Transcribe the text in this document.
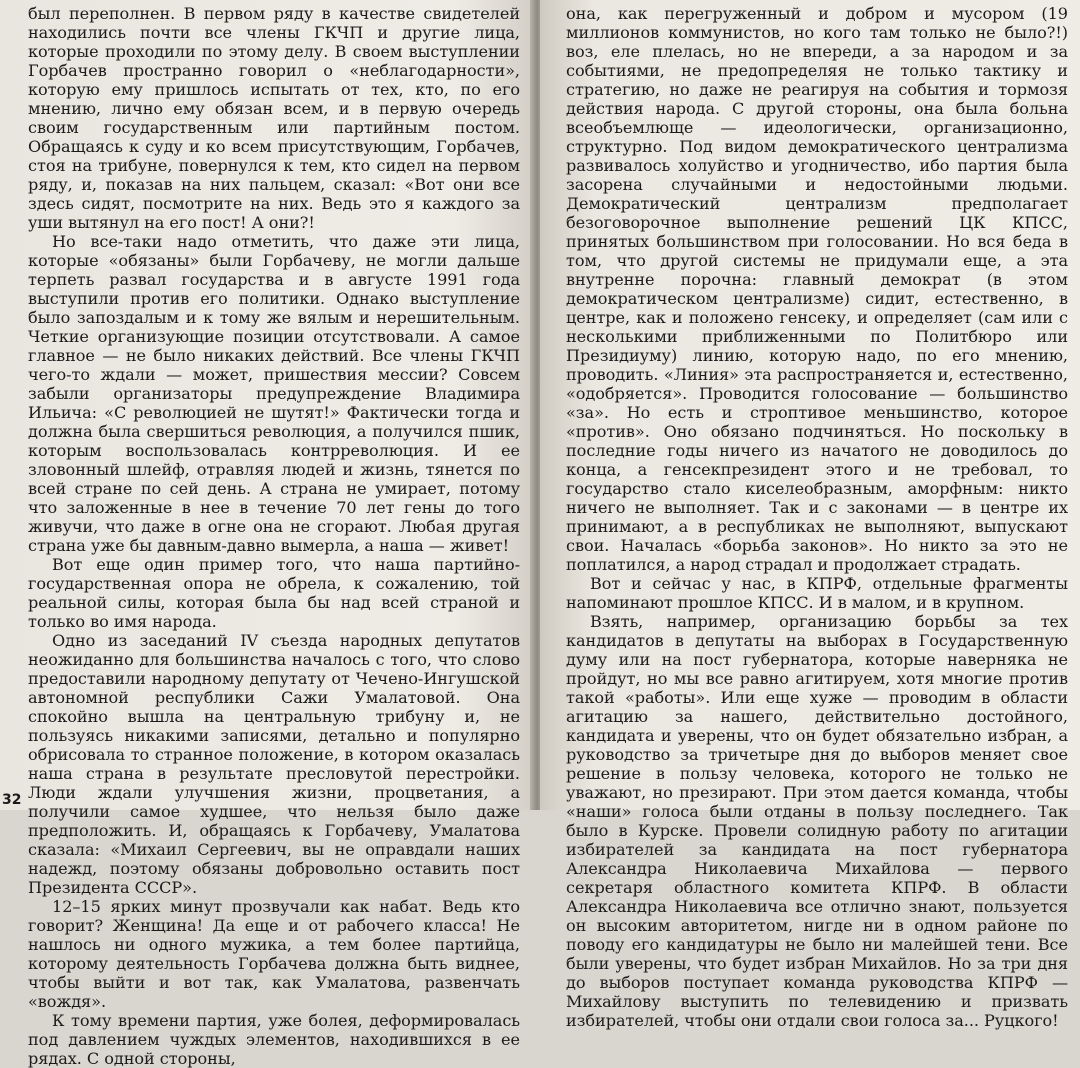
был переполнен. В первом ряду в качестве свидетелей находились почти все члены ГКЧП и другие лица, которые проходили по этому делу. В своем выступлении Горбачев пространно говорил о «неблагодарности», которую ему пришлось испытать от тех, кто, по его мнению, лично ему обязан всем, и в первую очередь своим государственным или партийным постом. Обращаясь к суду и ко всем присутствующим, Горбачев, стоя на трибуне, повернулся к тем, кто сидел на первом ряду, и, показав на них пальцем, сказал: «Вот они все здесь сидят, посмотрите на них. Ведь это я каждого за уши вытянул на его пост! А они?!

Но все-таки надо отметить, что даже эти лица, которые «обязаны» были Горбачеву, не могли дальше терпеть развал государства и в августе 1991 года выступили против его политики. Однако выступление было запоздалым и к тому же вялым и нерешительным. Четкие организующие позиции отсутствовали. А самое главное — не было никаких действий. Все члены ГКЧП чего-то ждали — может, пришествия мессии? Совсем забыли организаторы предупреждение Владимира Ильича: «С революцией не шутят!» Фактически тогда и должна была свершиться революция, а получился пшик, которым воспользовалась контрреволюция. И ее зловонный шлейф, отравляя людей и жизнь, тянется по всей стране по сей день. А страна не умирает, потому что заложенные в нее в течение 70 лет гены до того живучи, что даже в огне она не сгорают. Любая другая страна уже бы давным-давно вымерла, а наша — живет!

Вот еще один пример того, что наша партийно-государственная опора не обрела, к сожалению, той реальной силы, которая была бы над всей страной и только во имя народа.

Одно из заседаний IV съезда народных депутатов неожиданно для большинства началось с того, что слово предоставили народному депутату от Чечено-Ингушской автономной республики Сажи Умалатовой. Она спокойно вышла на центральную трибуну и, не пользуясь никакими записями, детально и популярно обрисовала то странное положение, в котором оказалась наша страна в результате пресловутой перестройки. Люди ждали улучшения жизни, процветания, а получили самое худшее, что нельзя было даже предположить. И, обращаясь к Горбачеву, Умалатова сказала: «Михаил Сергеевич, вы не оправдали наших надежд, поэтому обязаны добровольно оставить пост Президента СССР».

12–15 ярких минут прозвучали как набат. Ведь кто говорит? Женщина! Да еще и от рабочего класса! Не нашлось ни одного мужика, а тем более партийца, которому деятельность Горбачева должна быть виднее, чтобы выйти и вот так, как Умалатова, развенчать «вождя».

К тому времени партия, уже болея, деформировалась под давлением чуждых элементов, находившихся в ее рядах. С одной стороны,

32

она, как перегруженный и добром и мусором (19 миллионов коммунистов, но кого там только не было?!) воз, еле плелась, но не впереди, а за народом и за событиями, не предопределяя не только тактику и стратегию, но даже не реагируя на события и тормозя действия народа. С другой стороны, она была больна всеобъемлюще — идеологически, организационно, структурно. Под видом демократического централизма развивалось холуйство и угодничество, ибо партия была засорена случайными и недостойными людьми. Демократический централизм предполагает безоговорочное выполнение решений ЦК КПСС, принятых большинством при голосовании. Но вся беда в том, что другой системы не придумали еще, а эта внутренне порочна: главный демократ (в этом демократическом централизме) сидит, естественно, в центре, как и положено генсеку, и определяет (сам или с несколькими приближенными по Политбюро или Президиуму) линию, которую надо, по его мнению, проводить. «Линия» эта распространяется и, естественно, «одобряется». Проводится голосование — большинство «за». Но есть и строптивое меньшинство, которое «против». Оно обязано подчиняться. Но поскольку в последние годы ничего из начатого не доводилось до конца, а генсекпрезидент этого и не требовал, то государство стало киселеобразным, аморфным: никто ничего не выполняет. Так и с законами — в центре их принимают, а в республиках не выполняют, выпускают свои. Началась «борьба законов». Но никто за это не поплатился, а народ страдал и продолжает страдать.

Вот и сейчас у нас, в КПРФ, отдельные фрагменты напоминают прошлое КПСС. И в малом, и в крупном.

Взять, например, организацию борьбы за тех кандидатов в депутаты на выборах в Государственную думу или на пост губернатора, которые наверняка не пройдут, но мы все равно агитируем, хотя многие против такой «работы». Или еще хуже — проводим в области агитацию за нашего, действительно достойного, кандидата и уверены, что он будет обязательно избран, а руководство за тричетыре дня до выборов меняет свое решение в пользу человека, которого не только не уважают, но презирают. При этом дается команда, чтобы «наши» голоса были отданы в пользу последнего. Так было в Курске. Провели солидную работу по агитации избирателей за кандидата на пост губернатора Александра Николаевича Михайлова — первого секретаря областного комитета КПРФ. В области Александра Николаевича все отлично знают, пользуется он высоким авторитетом, нигде ни в одном районе по поводу его кандидатуры не было ни малейшей тени. Все были уверены, что будет избран Михайлов. Но за три дня до выборов поступает команда руководства КПРФ — Михайлову выступить по телевидению и призвать избирателей, чтобы они отдали свои голоса за... Руцкого!
